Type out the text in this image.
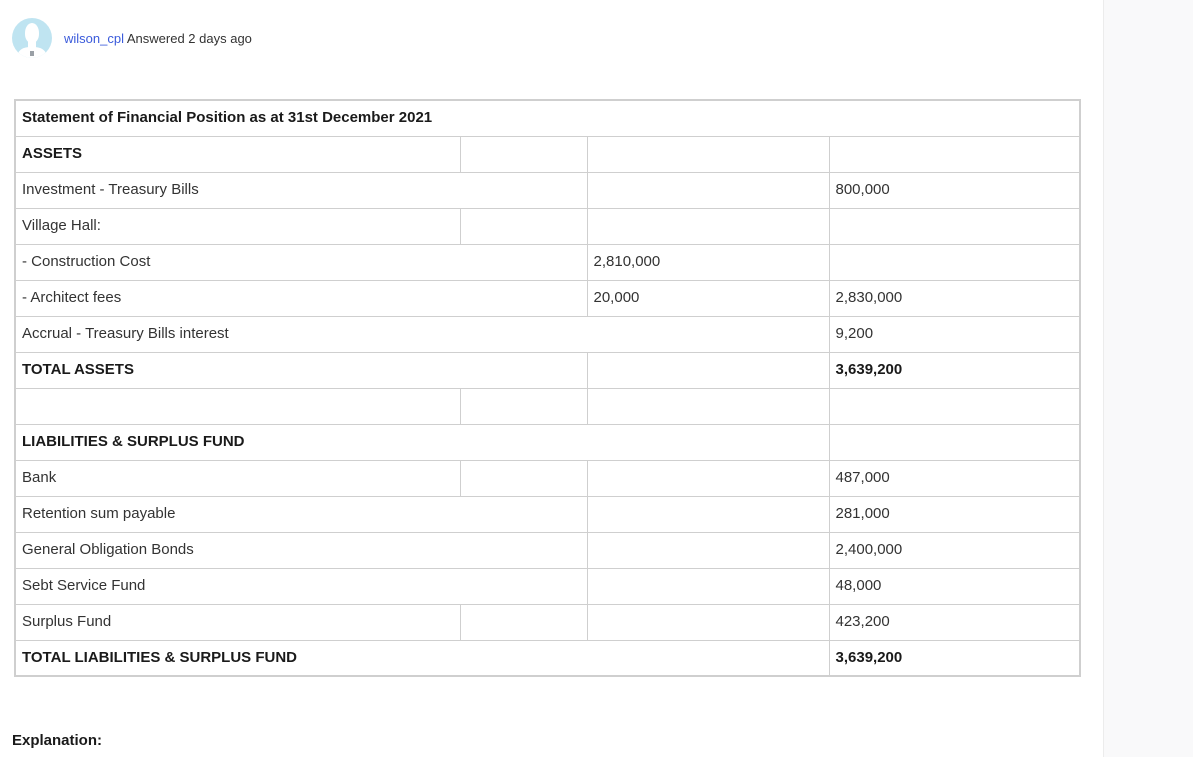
wilson_cpl Answered 2 days ago
Statement of Financial Position as at 31st December 2021			
ASSETS			
Investment - Treasury Bills			800,000
Village Hall:			
- Construction Cost		2,810,000	
- Architect fees		20,000	2,830,000
Accrual - Treasury Bills interest			9,200
TOTAL ASSETS			3,639,200

LIABILITIES & SURPLUS FUND			
Bank			487,000
Retention sum payable			281,000
General Obligation Bonds			2,400,000
Sebt Service Fund			48,000
Surplus Fund			423,200
TOTAL LIABILITIES & SURPLUS FUND			3,639,200
Explanation:
